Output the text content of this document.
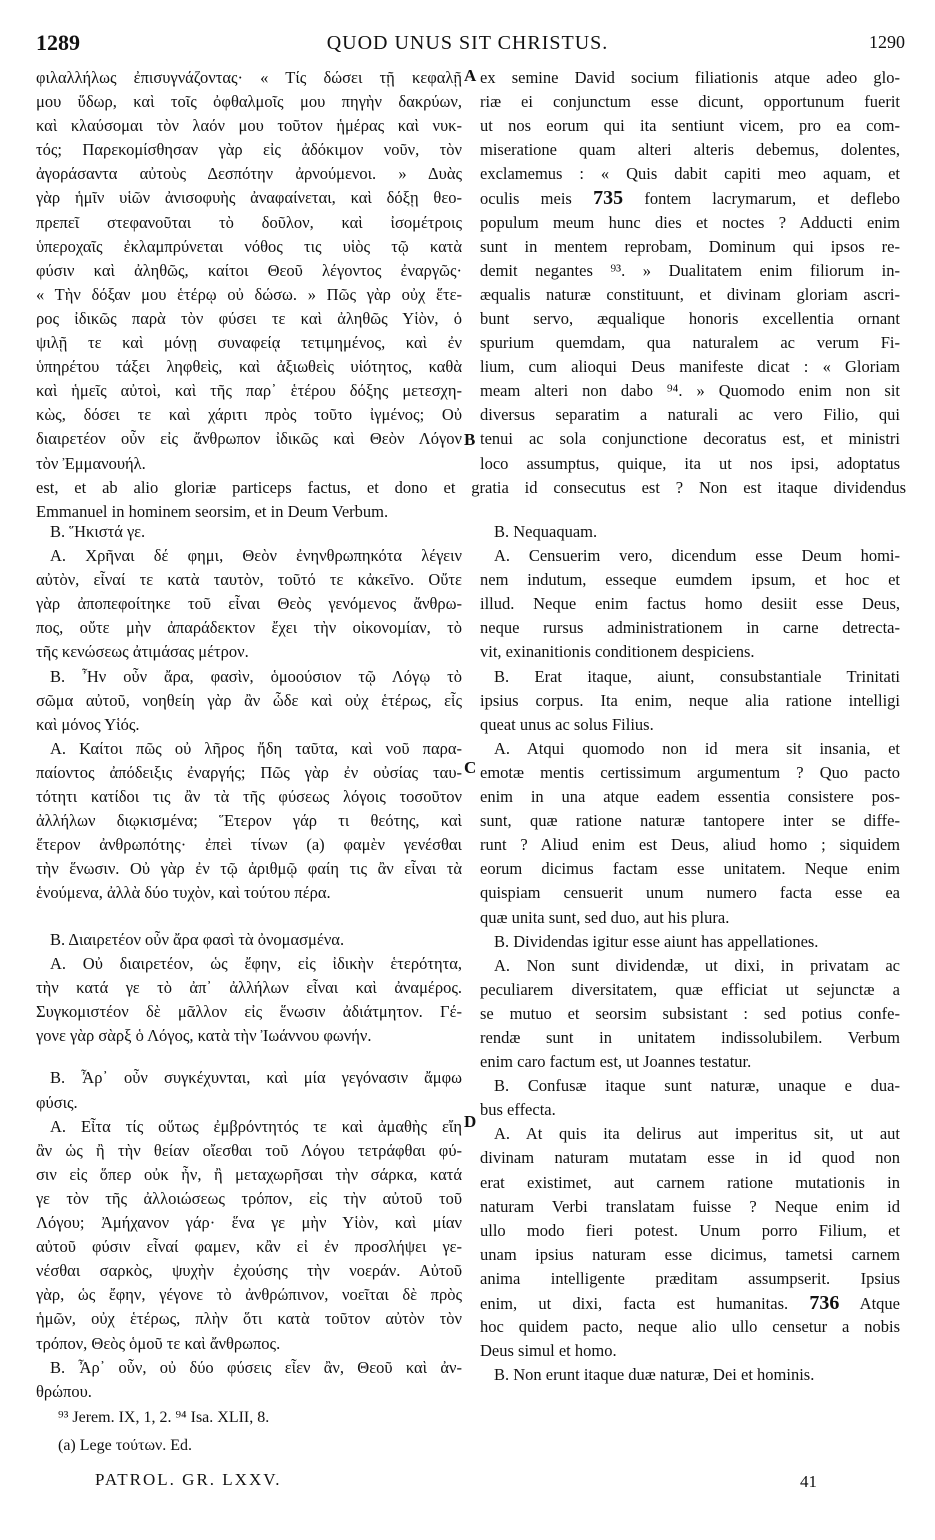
1289	QUOD UNUS SIT CHRISTUS.	1290
A
B
C
D
φιλαλλήλως ἐπισυγνάζοντας· « Τίς δώσει τῇ κεφαλῇ
μου ὕδωρ, καὶ τοῖς ὀφθαλμοῖς μου πηγὴν δακρύων,
καὶ κλαύσομαι τὸν λαόν μου τοῦτον ἡμέρας καὶ νυκ-
τός; Παρεκομίσθησαν γὰρ εἰς ἀδόκιμον νοῦν, τὸν
ἀγοράσαντα αὐτοὺς Δεσπότην ἀρνούμενοι. » Δυὰς
γὰρ ἡμῖν υἱῶν ἀνισοφυὴς ἀναφαίνεται, καὶ δόξῃ θεο-
πρεπεῖ στεφανοῦται τὸ δοῦλον, καὶ ἰσομέτροις
ὑπεροχαῖς ἐκλαμπρύνεται νόθος τις υἱὸς τῷ κατὰ
φύσιν καὶ ἀληθῶς, καίτοι Θεοῦ λέγοντος ἐναργῶς·
« Τὴν δόξαν μου ἑτέρῳ οὐ δώσω. » Πῶς γὰρ οὐχ ἕτε-
ρος ἰδικῶς παρὰ τὸν φύσει τε καὶ ἀληθῶς Υἱὸν, ὁ
ψιλῇ τε καὶ μόνῃ συναφείᾳ τετιμημένος, καὶ ἐν
ὑπηρέτου τάξει ληφθεὶς, καὶ ἀξιωθεὶς υἱότητος, καθὰ
καὶ ἡμεῖς αὐτοὶ, καὶ τῆς παρ᾽ ἑτέρου δόξης μετεσχη-
κὼς, δόσει τε καὶ χάριτι πρὸς τοῦτο ἰγμένος; Οὐ
διαιρετέον οὖν εἰς ἄνθρωπον ἰδικῶς καὶ Θεὸν Λόγον
τὸν Ἐμμανουήλ.
ex semine David socium filiationis atque adeo glo-
riæ ei conjunctum esse dicunt, opportunum fuerit
ut nos eorum qui ita sentiunt vicem, pro ea com-
miseratione quam alteri alteris debemus, dolentes,
exclamemus : « Quis dabit capiti meo aquam, et
oculis meis 735 fontem lacrymarum, et deflebo
populum meum hunc dies et noctes ? Adducti enim
sunt in mentem reprobam, Dominum qui ipsos re-
demit negantes ⁹³. » Dualitatem enim filiorum in-
æqualis naturæ constituunt, et divinam gloriam ascri-
bunt servo, æqualique honoris excellentia ornant
spurium quemdam, qua naturalem ac verum Fi-
lium, cum alioqui Deus manifeste dicat : « Gloriam
meam alteri non dabo ⁹⁴. » Quomodo enim non sit
diversus separatim a naturali ac vero Filio, qui
tenui ac sola conjunctione decoratus est, et ministri
loco assumptus, quique, ita ut nos ipsi, adoptatus
est, et ab alio gloriæ particeps factus, et dono et gratia id consecutus est ? Non est itaque dividendus
Emmanuel in hominem seorsim, et in Deum Verbum.
Β. Ἥκιστά γε.
Α. Χρῆναι δέ φημι, Θεὸν ἐνηνθρωπηκότα λέγειν
αὐτὸν, εἶναί τε κατὰ ταυτὸν, τοῦτό τε κἀκεῖνο. Οὔτε
γὰρ ἀποπεφοίτηκε τοῦ εἶναι Θεὸς γενόμενος ἄνθρω-
πος, οὔτε μὴν ἀπαράδεκτον ἔχει τὴν οἰκονομίαν, τὸ
τῆς κενώσεως ἀτιμάσας μέτρον.
Β. Ἦν οὖν ἄρα, φασὶν, ὁμοούσιον τῷ Λόγῳ τὸ
σῶμα αὐτοῦ, νοηθείη γὰρ ἂν ὧδε καὶ οὐχ ἑτέρως, εἷς
καὶ μόνος Υἱός.
Α. Καίτοι πῶς οὐ λῆρος ἤδη ταῦτα, καὶ νοῦ παρα-
παίοντος ἀπόδειξις ἐναργής; Πῶς γὰρ ἐν οὐσίας ταυ-
τότητι κατίδοι τις ἂν τὰ τῆς φύσεως λόγοις τοσοῦτον
ἀλλήλων διῳκισμένα; Ἕτερον γάρ τι θεότης, καὶ
ἕτερον ἀνθρωπότης· ἐπεὶ τίνων (a) φαμὲν γενέσθαι
τὴν ἕνωσιν. Οὐ γὰρ ἐν τῷ ἀριθμῷ φαίη τις ἂν εἶναι τὰ
ἑνούμενα, ἀλλὰ δύο τυχὸν, καὶ τούτου πέρα.
Β. Διαιρετέον οὖν ἄρα φασὶ τὰ ὀνομασμένα.
Α. Οὐ διαιρετέον, ὡς ἔφην, εἰς ἰδικὴν ἑτερότητα,
τὴν κατά γε τὸ ἀπ᾽ ἀλλήλων εἶναι καὶ ἀναμέρος.
Συγκομιστέον δὲ μᾶλλον εἰς ἕνωσιν ἀδιάτμητον. Γέ-
γονε γὰρ σὰρξ ὁ Λόγος, κατὰ τὴν Ἰωάννου φωνήν.
Β. Ἆρ᾽ οὖν συγκέχυνται, καὶ μία γεγόνασιν ἄμφω
φύσις.
Α. Εἶτα τίς οὕτως ἐμβρόντητός τε καὶ ἀμαθὴς εἴη
ἂν ὡς ἢ τὴν θείαν οἴεσθαι τοῦ Λόγου τετράφθαι φύ-
σιν εἰς ὅπερ οὐκ ἦν, ἢ μεταχωρῆσαι τὴν σάρκα, κατά
γε τὸν τῆς ἀλλοιώσεως τρόπον, εἰς τὴν αὐτοῦ τοῦ
Λόγου; Ἀμήχανον γάρ· ἕνα γε μὴν Υἱὸν, καὶ μίαν
αὐτοῦ φύσιν εἶναί φαμεν, κἂν εἰ ἐν προσλήψει γε-
νέσθαι σαρκὸς, ψυχὴν ἐχούσης τὴν νοεράν. Αὐτοῦ
γὰρ, ὡς ἔφην, γέγονε τὸ ἀνθρώπινον, νοεῖται δὲ πρὸς
ἡμῶν, οὐχ ἑτέρως, πλὴν ὅτι κατὰ τοῦτον αὐτὸν τὸν
τρόπον, Θεὸς ὁμοῦ τε καὶ ἄνθρωπος.
Β. Ἆρ᾽ οὖν, οὐ δύο φύσεις εἶεν ἂν, Θεοῦ καὶ ἀν-
θρώπου.
B. Nequaquam.
A. Censuerim vero, dicendum esse Deum homi-
nem indutum, esseque eumdem ipsum, et hoc et
illud. Neque enim factus homo desiit esse Deus,
neque rursus administrationem in carne detrecta-
vit, exinanitionis conditionem despiciens.
B. Erat itaque, aiunt, consubstantiale Trinitati
ipsius corpus. Ita enim, neque alia ratione intelligi
queat unus ac solus Filius.
A. Atqui quomodo non id mera sit insania, et
emotæ mentis certissimum argumentum ? Quo pacto
enim in una atque eadem essentia consistere pos-
sunt, quæ ratione naturæ tantopere inter se diffe-
runt ? Aliud enim est Deus, aliud homo ; siquidem
eorum dicimus factam esse unitatem. Neque enim
quispiam censuerit unum numero facta esse ea
quæ unita sunt, sed duo, aut his plura.
B. Dividendas igitur esse aiunt has appellationes.
A. Non sunt dividendæ, ut dixi, in privatam ac
peculiarem diversitatem, quæ efficiat ut sejunctæ a
se mutuo et seorsim subsistant : sed potius confe-
rendæ sunt in unitatem indissolubilem. Verbum
enim caro factum est, ut Joannes testatur.
B. Confusæ itaque sunt naturæ, unaque e dua-
bus effecta.
A. At quis ita delirus aut imperitus sit, ut aut
divinam naturam mutatam esse in id quod non
erat existimet, aut carnem ratione mutationis in
naturam Verbi translatam fuisse ? Neque enim id
ullo modo fieri potest. Unum porro Filium, et
unam ipsius naturam esse dicimus, tametsi carnem
anima intelligente præditam assumpserit. Ipsius
enim, ut dixi, facta est humanitas. 736 Atque
hoc quidem pacto, neque alio ullo censetur a nobis
Deus simul et homo.
B. Non erunt itaque duæ naturæ, Dei et hominis.
⁹³ Jerem. IX, 1, 2. ⁹⁴ Isa. XLII, 8.
(a) Lege τούτων. Ed.
PATROL. GR. LXXV.	41
